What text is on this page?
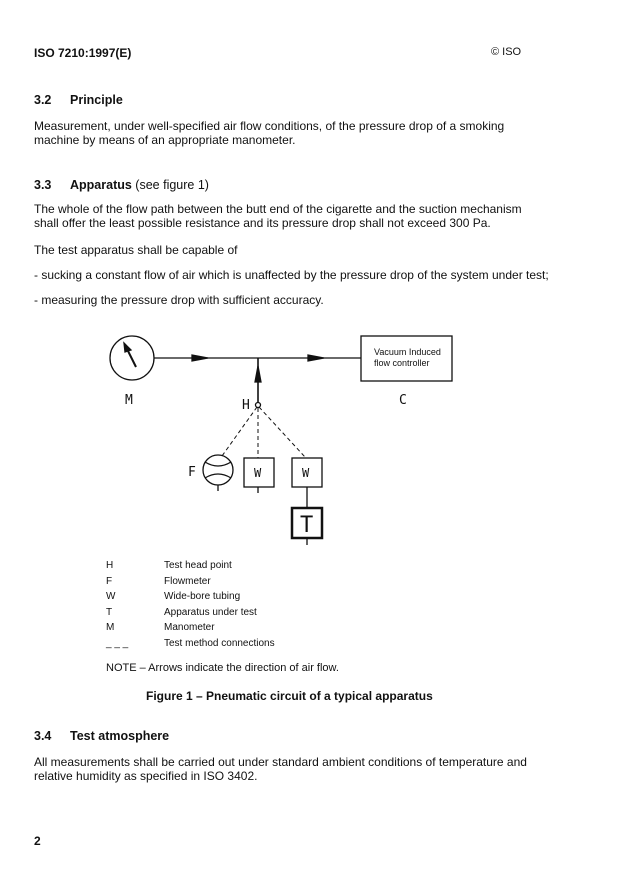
ISO 7210:1997(E)	© ISO
3.2 Principle
Measurement, under well-specified air flow conditions, of the pressure drop of a smoking machine by means of an appropriate manometer.
3.3 Apparatus (see figure 1)
The whole of the flow path between the butt end of the cigarette and the suction mechanism shall offer the least possible resistance and its pressure drop shall not exceed 300 Pa.
The test apparatus shall be capable of
- sucking a constant flow of air which is unaffected by the pressure drop of the system under test;
- measuring the pressure drop with sufficient accuracy.
M	H	C
F	W	W
T
Vacuum Induced
flow controller
H	Test head point
F	Flowmeter
W	Wide-bore tubing
T	Apparatus under test
M	Manometer
_ _ _	Test method connections
NOTE – Arrows indicate the direction of air flow.
Figure 1 – Pneumatic circuit of a typical apparatus
3.4 Test atmosphere
All measurements shall be carried out under standard ambient conditions of temperature and relative humidity as specified in ISO 3402.
2
